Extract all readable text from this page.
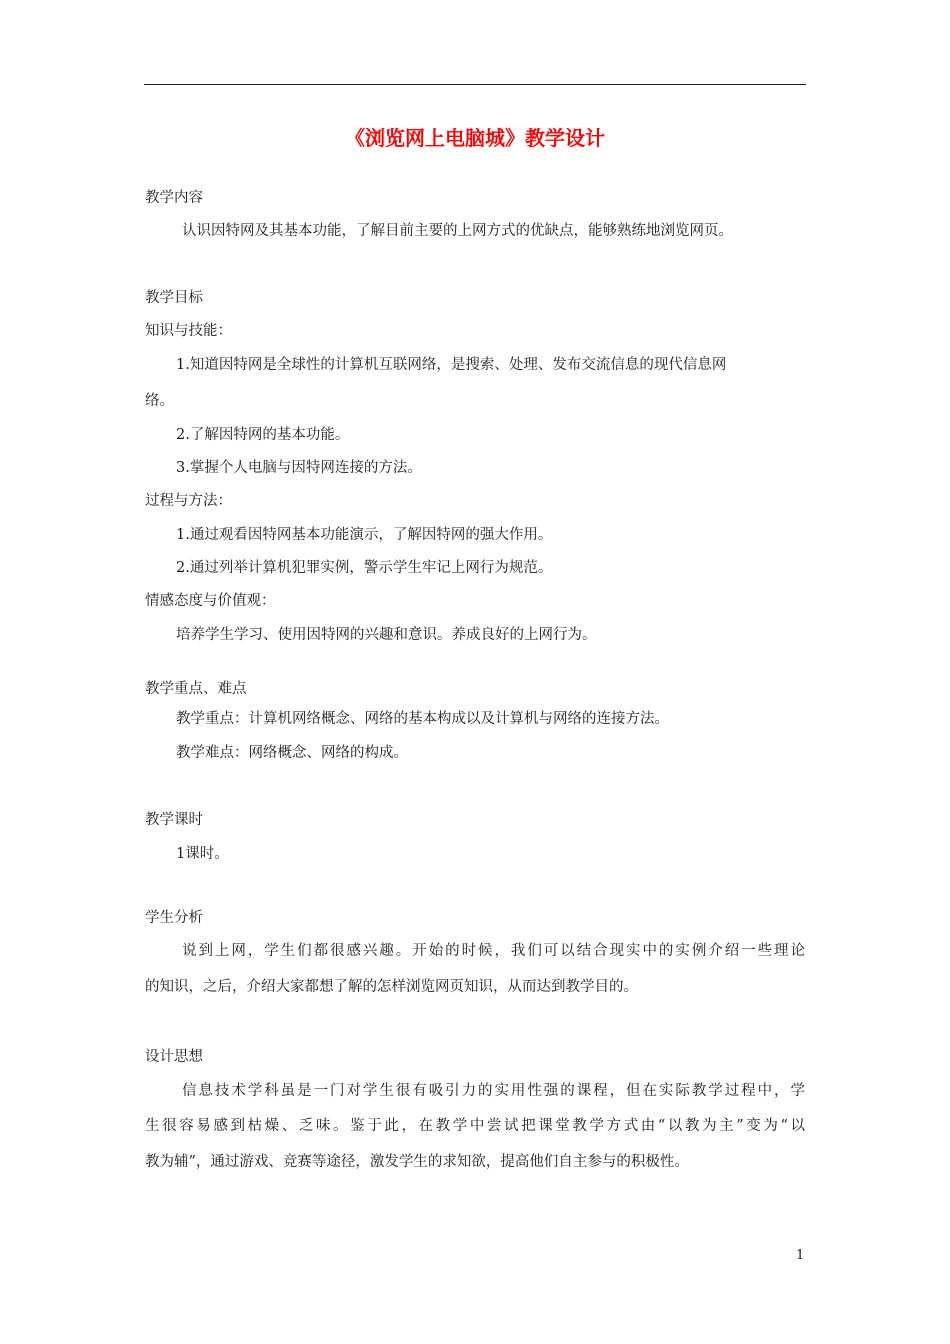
《浏览网上电脑城》教学设计
教学内容
认识因特网及其基本功能，了解目前主要的上网方式的优缺点，能够熟练地浏览网页。
教学目标
知识与技能：
1.知道因特网是全球性的计算机互联网络，是搜索、处理、发布交流信息的现代信息网
络。
2.了解因特网的基本功能。
3.掌握个人电脑与因特网连接的方法。
过程与方法：
1.通过观看因特网基本功能演示，了解因特网的强大作用。
2.通过列举计算机犯罪实例，警示学生牢记上网行为规范。
情感态度与价值观：
培养学生学习、使用因特网的兴趣和意识。养成良好的上网行为。
教学重点、难点
教学重点：计算机网络概念、网络的基本构成以及计算机与网络的连接方法。
教学难点：网络概念、网络的构成。
教学课时
1课时。
学生分析
说到上网，学生们都很感兴趣。开始的时候，我们可以结合现实中的实例介绍一些理论
的知识，之后，介绍大家都想了解的怎样浏览网页知识，从而达到教学目的。
设计思想
信息技术学科虽是一门对学生很有吸引力的实用性强的课程，但在实际教学过程中，学
生很容易感到枯燥、乏味。鉴于此，在教学中尝试把课堂教学方式由“以教为主”变为“以
教为辅”，通过游戏、竞赛等途径，激发学生的求知欲，提高他们自主参与的积极性。
1
